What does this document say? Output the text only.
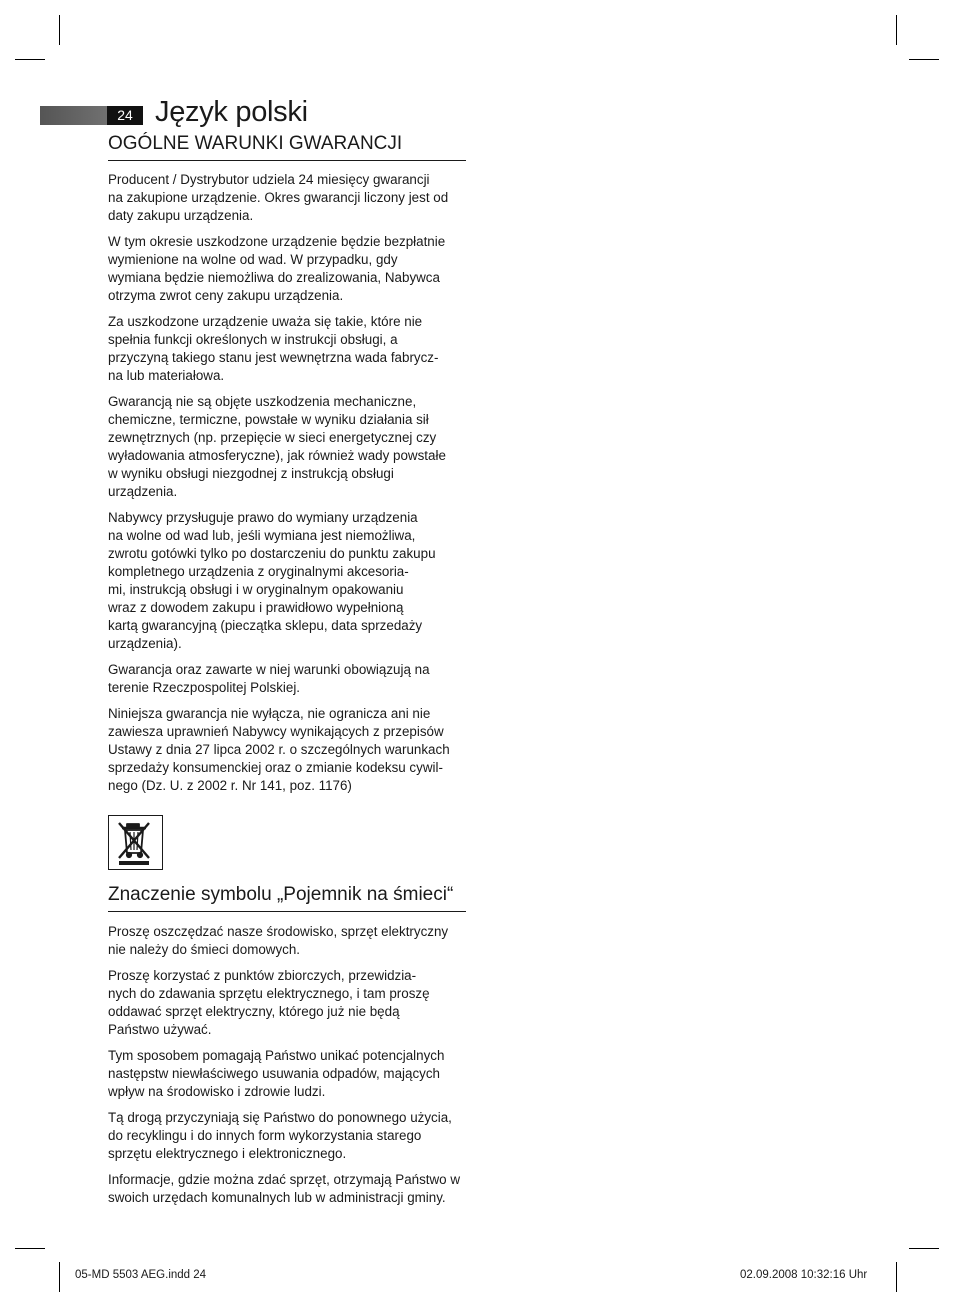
24 Język polski
OGÓLNE WARUNKI GWARANCJI
Producent / Dystrybutor udziela 24 miesięcy gwarancji
na zakupione urządzenie. Okres gwarancji liczony jest od
daty zakupu urządzenia.
W tym okresie uszkodzone urządzenie będzie bezpłatnie
wymienione na wolne od wad. W przypadku, gdy
wymiana będzie niemożliwa do zrealizowania, Nabywca
otrzyma zwrot ceny zakupu urządzenia.
Za uszkodzone urządzenie uważa się takie, które nie
spełnia funkcji określonych w instrukcji obsługi, a
przyczyną takiego stanu jest wewnętrzna wada fabrycz-
na lub materiałowa.
Gwarancją nie są objęte uszkodzenia mechaniczne,
chemiczne, termiczne, powstałe w wyniku działania sił
zewnętrznych (np. przepięcie w sieci energetycznej czy
wyładowania atmosferyczne), jak również wady powstałe
w wyniku obsługi niezgodnej z instrukcją obsługi
urządzenia.
Nabywcy przysługuje prawo do wymiany urządzenia
na wolne od wad lub, jeśli wymiana jest niemożliwa,
zwrotu gotówki tylko po dostarczeniu do punktu zakupu
kompletnego urządzenia z oryginalnymi akcesoria-
mi, instrukcją obsługi i w oryginalnym opakowaniu
wraz z dowodem zakupu i prawidłowo wypełnioną
kartą gwarancyjną (pieczątka sklepu, data sprzedaży
urządzenia).
Gwarancja oraz zawarte w niej warunki obowiązują na
terenie Rzeczpospolitej Polskiej.
Niniejsza gwarancja nie wyłącza, nie ogranicza ani nie
zawiesza uprawnień Nabywcy wynikających z przepisów
Ustawy z dnia 27 lipca 2002 r. o szczególnych warunkach
sprzedaży konsumenckiej oraz o zmianie kodeksu cywil-
nego (Dz. U. z 2002 r. Nr 141, poz. 1176)
Znaczenie symbolu „Pojemnik na śmieci“
Proszę oszczędzać nasze środowisko, sprzęt elektryczny
nie należy do śmieci domowych.
Proszę korzystać z punktów zbiorczych, przewidzia-
nych do zdawania sprzętu elektrycznego, i tam proszę
oddawać sprzęt elektryczny, którego już nie będą
Państwo używać.
Tym sposobem pomagają Państwo unikać potencjalnych
następstw niewłaściwego usuwania odpadów, mających
wpływ na środowisko i zdrowie ludzi.
Tą drogą przyczyniają się Państwo do ponownego użycia,
do recyklingu i do innych form wykorzystania starego
sprzętu elektrycznego i elektronicznego.
Informacje, gdzie można zdać sprzęt, otrzymają Państwo w
swoich urzędach komunalnych lub w administracji gminy.
05-MD 5503 AEG.indd 24	02.09.2008 10:32:16 Uhr
